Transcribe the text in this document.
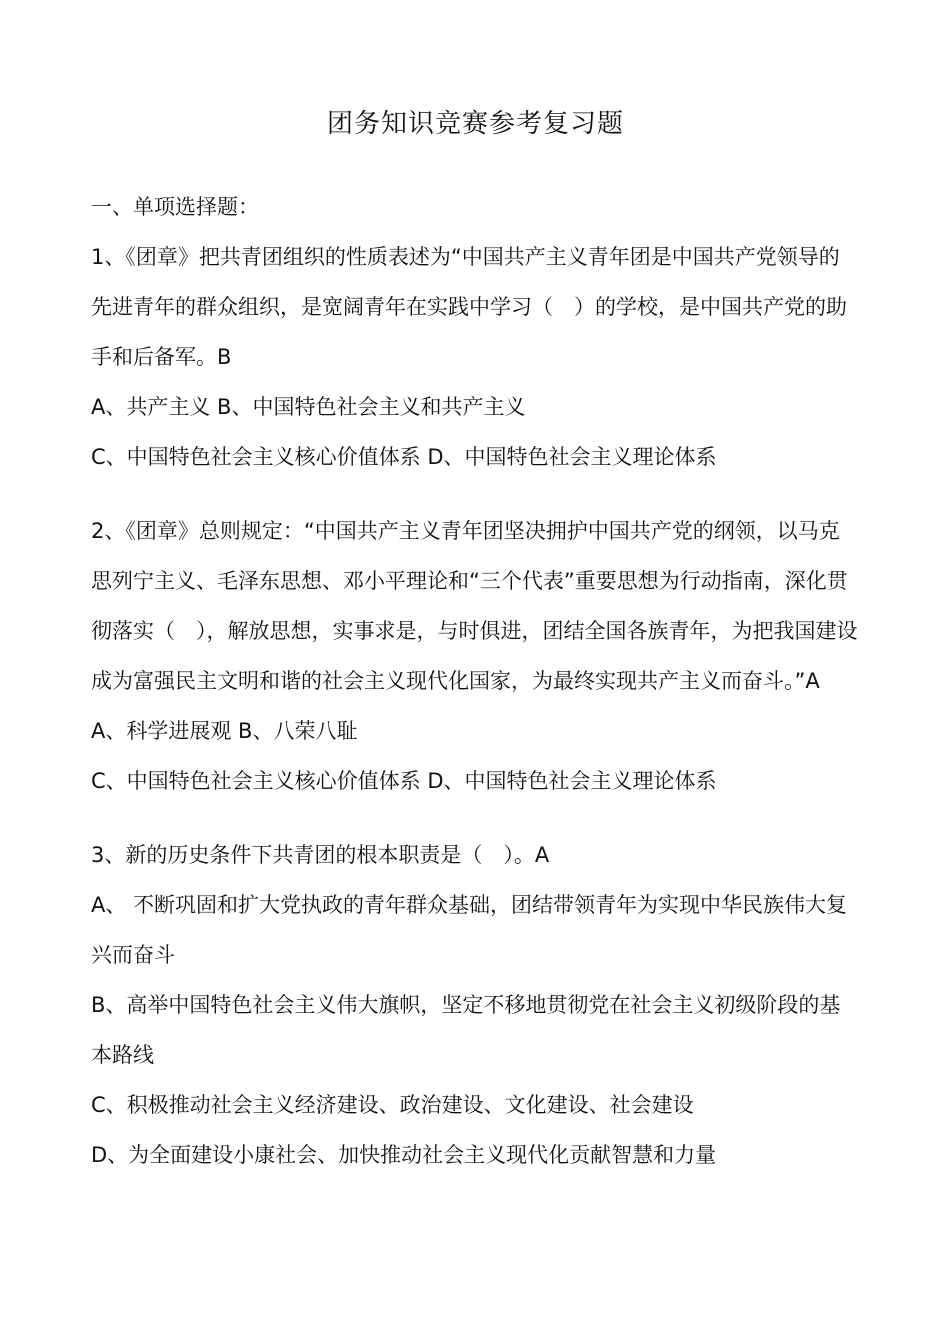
团务知识竞赛参考复习题
一、单项选择题：

1、《团章》把共青团组织的性质表述为“中国共产主义青年团是中国共产党领导的先进青年的群众组织，是宽阔青年在实践中学习（　）的学校，是中国共产党的助手和后备军。B

A、共产主义 B、中国特色社会主义和共产主义

C、中国特色社会主义核心价值体系 D、中国特色社会主义理论体系

2、《团章》总则规定：“中国共产主义青年团坚决拥护中国共产党的纲领，以马克思列宁主义、毛泽东思想、邓小平理论和“三个代表”重要思想为行动指南，深化贯彻落实（　），解放思想，实事求是，与时俱进，团结全国各族青年，为把我国建设成为富强民主文明和谐的社会主义现代化国家，为最终实现共产主义而奋斗。”A

A、科学进展观 B、八荣八耻

C、中国特色社会主义核心价值体系 D、中国特色社会主义理论体系

3、新的历史条件下共青团的根本职责是（　）。A

A、 不断巩固和扩大党执政的青年群众基础，团结带领青年为实现中华民族伟大复兴而奋斗

B、高举中国特色社会主义伟大旗帜，坚定不移地贯彻党在社会主义初级阶段的基本路线

C、积极推动社会主义经济建设、政治建设、文化建设、社会建设

D、为全面建设小康社会、加快推动社会主义现代化贡献智慧和力量
